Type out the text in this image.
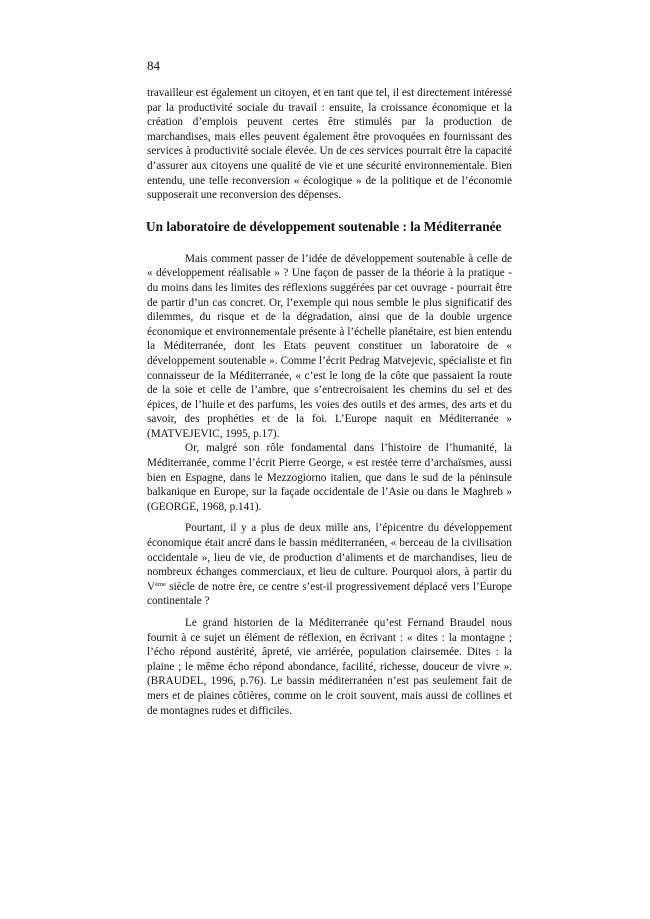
84

travailleur est également un citoyen, et en tant que tel, il est directement intéressé par la productivité sociale du travail : ensuite, la croissance économique et la création d’emplois peuvent certes être stimulés par la production de marchandises, mais elles peuvent également être provoquées en fournissant des services à productivité sociale élevée. Un de ces services pourrait être la capacité d’assurer aux citoyens une qualité de vie et une sécurité environnementale. Bien entendu, une telle reconversion « écologique » de la politique et de l’économie supposerait une reconversion des dépenses.

Un laboratoire de développement soutenable : la Méditerranée

Mais comment passer de l’idée de développement soutenable à celle de « développement réalisable » ? Une façon de passer de la théorie à la pratique - du moins dans les limites des réflexions suggérées par cet ouvrage - pourrait être de partir d’un cas concret. Or, l’exemple qui nous semble le plus significatif des dilemmes, du risque et de la dégradation, ainsi que de la double urgence économique et environnementale présente à l’échelle planétaire, est bien entendu la Méditerranée, dont les Etats peuvent constituer un laboratoire de « développement soutenable ». Comme l’écrit Pedrag Matvejevic, spécialiste et fin connaisseur de la Méditerranée, « c’est le long de la côte que passaient la route de la soie et celle de l’ambre, que s’entrecroisaient les chemins du sel et des épices, de l’huile et des parfums, les voies des outils et des armes, des arts et du savoir, des prophéties et de la foi. L’Europe naquit en Méditerranée » (MATVEJEVIC, 1995, p.17).

Or, malgré son rôle fondamental dans l’histoire de l’humanité, la Méditerranée, comme l’écrit Pierre George, « est restée terre d’archaïsmes, aussi bien en Espagne, dans le Mezzogiorno italien, que dans le sud de la péninsule balkanique en Europe, sur la façade occidentale de l’Asie ou dans le Maghreb » (GEORGE, 1968, p.141).

Pourtant, il y a plus de deux mille ans, l’épicentre du développement économique était ancré dans le bassin méditerranéen, « berceau de la civilisation occidentale », lieu de vie, de production d’aliments et de marchandises, lieu de nombreux échanges commerciaux, et lieu de culture. Pourquoi alors, à partir du Vème siècle de notre ère, ce centre s’est-il progressivement déplacé vers l’Europe continentale ?

Le grand historien de la Méditerranée qu’est Fernand Braudel nous fournit à ce sujet un élément de réflexion, en écrivant : « dites : la montagne ; l’écho répond austérité, âpreté, vie arriérée, population clairsemée. Dites : la plaine ; le même écho répond abondance, facilité, richesse, douceur de vivre ». (BRAUDEL, 1996, p.76). Le bassin méditerranéen n’est pas seulement fait de mers et de plaines côtières, comme on le croit souvent, mais aussi de collines et de montagnes rudes et difficiles.
